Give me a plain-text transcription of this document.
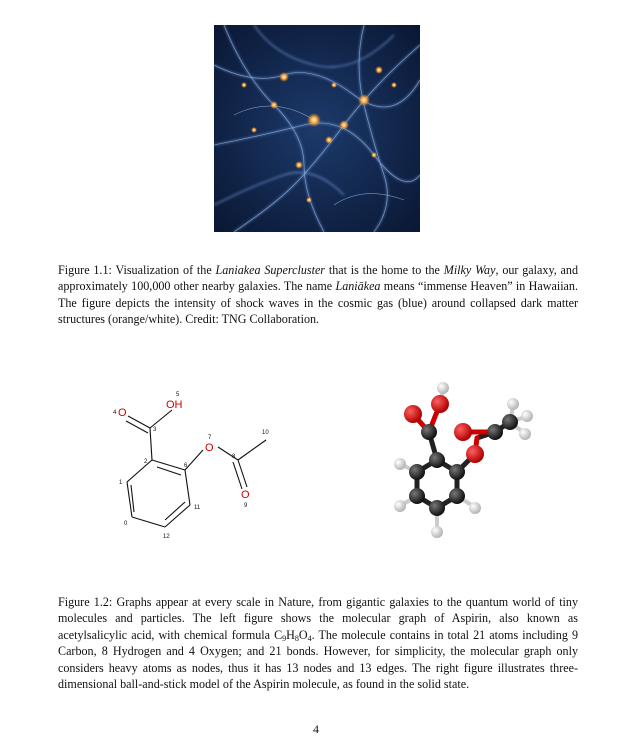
Figure 1.1: Visualization of the Laniakea Supercluster that is the home to the Milky Way, our galaxy, and approximately 100,000 other nearby galaxies. The name Laniākea means “immense Heaven” in Hawaiian. The figure depicts the intensity of shock waves in the cosmic gas (blue) around collapsed dark matter structures (orange/white). Credit: TNG Collaboration.

O
4
OH
5
O
7
O
9
0
1
2
3
6
8
10
11
12

Figure 1.2: Graphs appear at every scale in Nature, from gigantic galaxies to the quantum world of tiny molecules and particles. The left figure shows the molecular graph of Aspirin, also known as acetylsalicylic acid, with chemical formula $C_9H_8O_4$. The molecule contains in total 21 atoms including 9 Carbon, 8 Hydrogen and 4 Oxygen; and 21 bonds. However, for simplicity, the molecular graph only considers heavy atoms as nodes, thus it has 13 nodes and 13 edges. The right figure illustrates three-dimensional ball-and-stick model of the Aspirin molecule, as found in the solid state.

4
